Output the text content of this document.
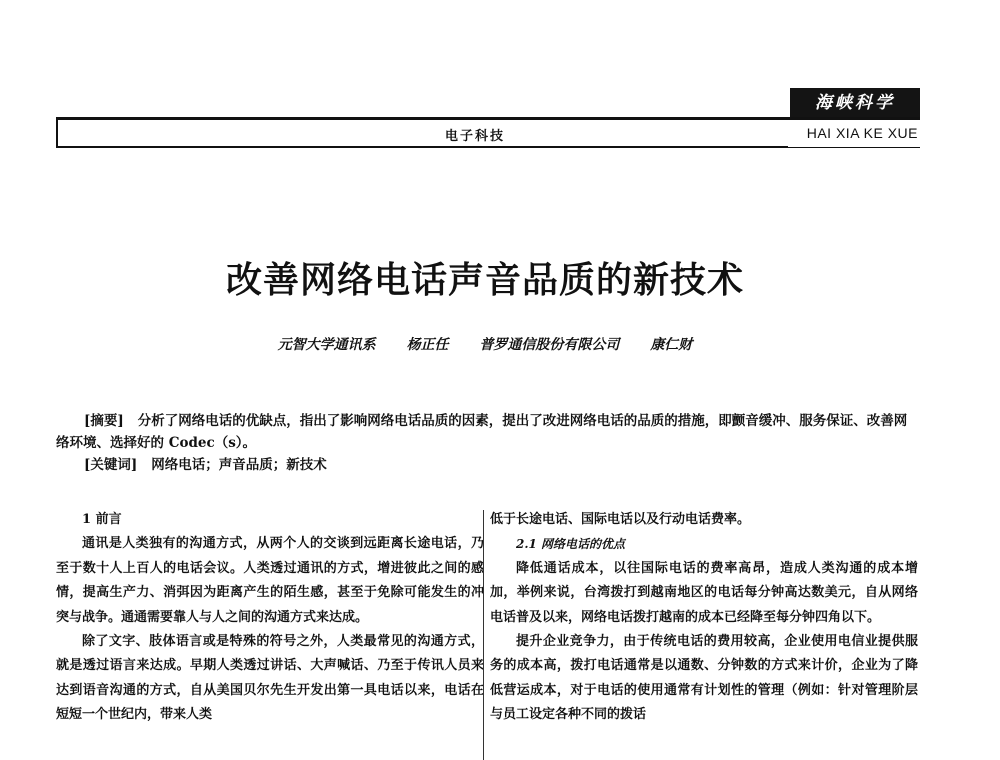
海峡科学
电子科技	HAI XIA KE XUE
改善网络电话声音品质的新技术
元智大学通讯系 杨正任 普罗通信股份有限公司 康仁财

[摘要] 分析了网络电话的优缺点，指出了影响网络电话品质的因素，提出了改进网络电话的品质的措施，即颤音缓冲、服务保证、改善网络环境、选择好的 Codec（s）。

[关键词] 网络电话；声音品质；新技术

1 前言

通讯是人类独有的沟通方式，从两个人的交谈到远距离长途电话，乃至于数十人上百人的电话会议。人类透过通讯的方式，增进彼此之间的感情，提高生产力、消弭因为距离产生的陌生感，甚至于免除可能发生的冲突与战争。通通需要靠人与人之间的沟通方式来达成。

除了文字、肢体语言或是特殊的符号之外，人类最常见的沟通方式，就是透过语言来达成。早期人类透过讲话、大声喊话、乃至于传讯人员来达到语音沟通的方式，自从美国贝尔先生开发出第一具电话以来，电话在短短一个世纪内，带来人类

低于长途电话、国际电话以及行动电话费率。

2.1 网络电话的优点

降低通话成本，以往国际电话的费率高昂，造成人类沟通的成本增加，举例来说，台湾拨打到越南地区的电话每分钟高达数美元，自从网络电话普及以来，网络电话拨打越南的成本已经降至每分钟四角以下。

提升企业竞争力，由于传统电话的费用较高，企业使用电信业提供服务的成本高，拨打电话通常是以通数、分钟数的方式来计价，企业为了降低营运成本，对于电话的使用通常有计划性的管理（例如：针对管理阶层与员工设定各种不同的拨话
